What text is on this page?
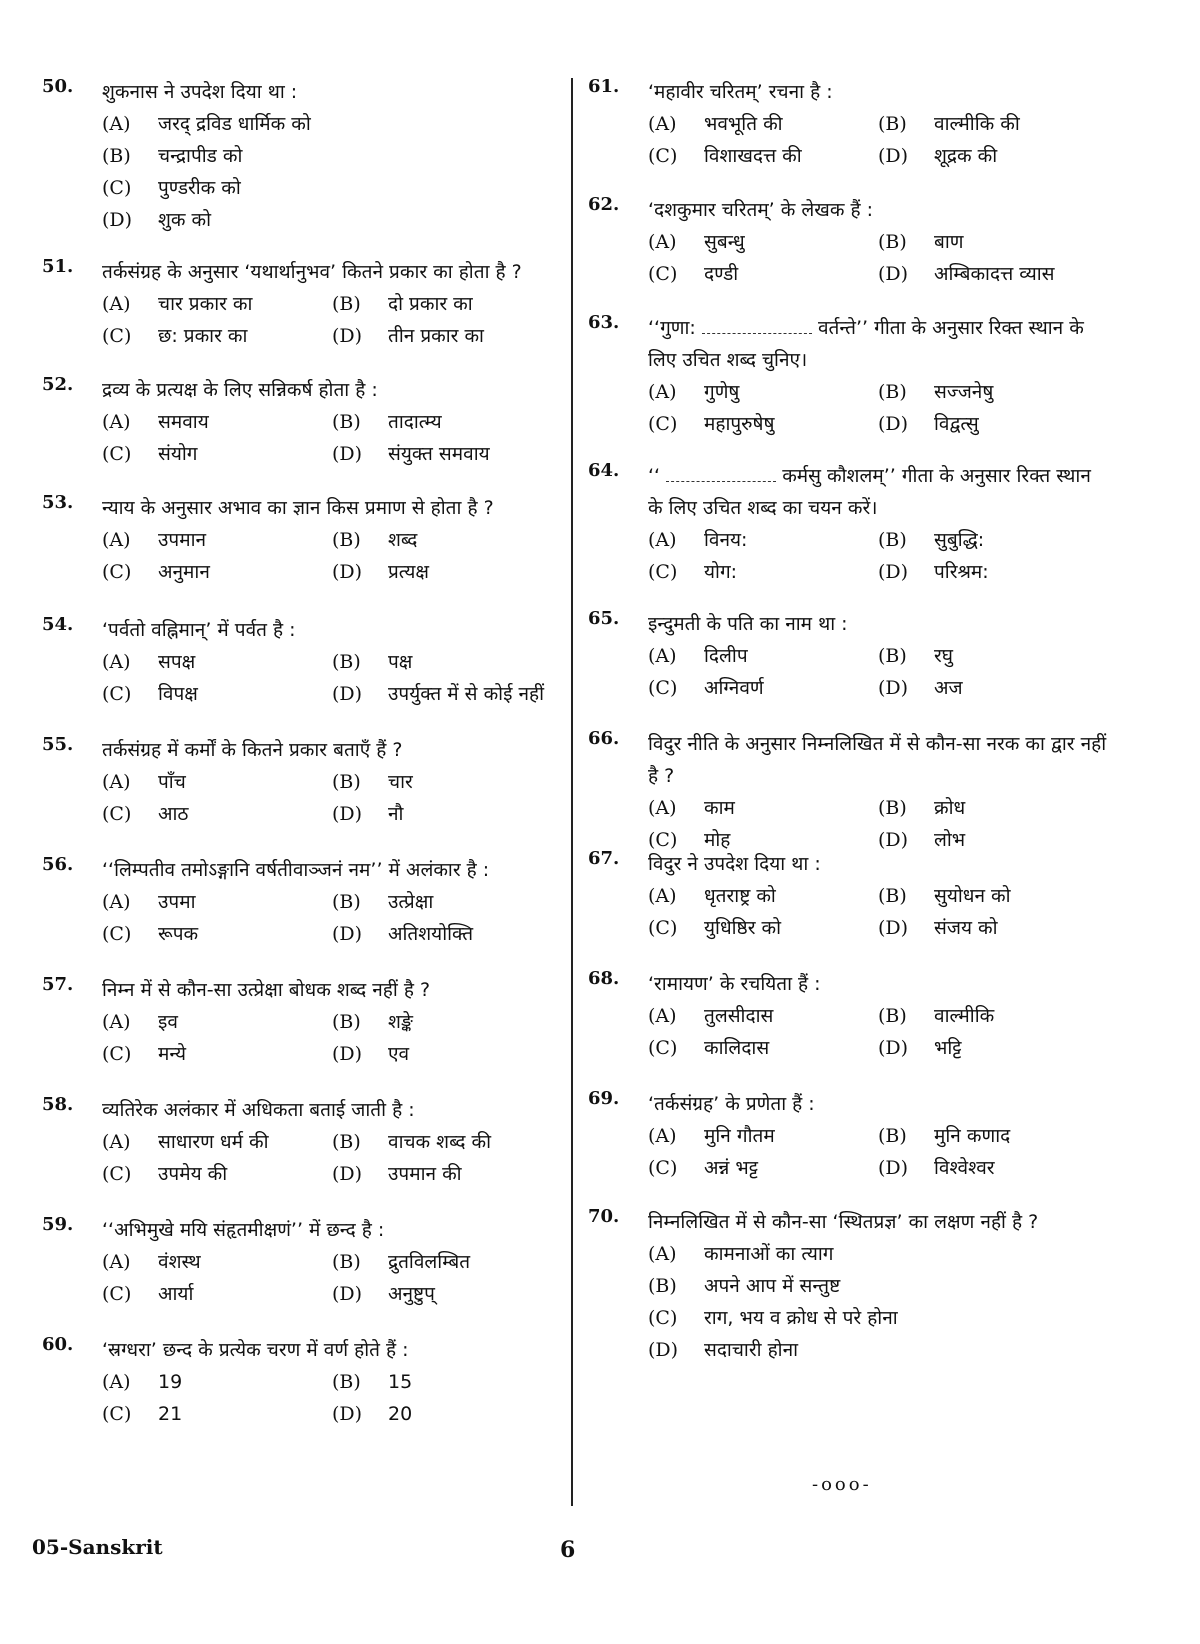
50. शुकनास ने उपदेश दिया था :
(A)	जरद् द्रविड धार्मिक को
(B)	चन्द्रापीड को
(C)	पुण्डरीक को
(D)	शुक को
51. तर्कसंग्रह के अनुसार ‘यथार्थानुभव’ कितने प्रकार का होता है ?
(A)	चार प्रकार का	(B)	दो प्रकार का
(C)	छ: प्रकार का	(D)	तीन प्रकार का
52. द्रव्य के प्रत्यक्ष के लिए सन्निकर्ष होता है :
(A)	समवाय	(B)	तादात्म्य
(C)	संयोग	(D)	संयुक्त समवाय
53. न्याय के अनुसार अभाव का ज्ञान किस प्रमाण से होता है ?
(A)	उपमान	(B)	शब्द
(C)	अनुमान	(D)	प्रत्यक्ष
54. ‘पर्वतो वह्निमान्’ में पर्वत है :
(A)	सपक्ष	(B)	पक्ष
(C)	विपक्ष	(D)	उपर्युक्त में से कोई नहीं
55. तर्कसंग्रह में कर्मों के कितने प्रकार बताएँ हैं ?
(A)	पाँच	(B)	चार
(C)	आठ	(D)	नौ
56. ‘‘लिम्पतीव तमोऽङ्गानि वर्षतीवाञ्जनं नम’’ में अलंकार है :
(A)	उपमा	(B)	उत्प्रेक्षा
(C)	रूपक	(D)	अतिशयोक्ति
57. निम्न में से कौन-सा उत्प्रेक्षा बोधक शब्द नहीं है ?
(A)	इव	(B)	शङ्के
(C)	मन्ये	(D)	एव
58. व्यतिरेक अलंकार में अधिकता बताई जाती है :
(A)	साधारण धर्म की	(B)	वाचक शब्द की
(C)	उपमेय की	(D)	उपमान की
59. ‘‘अभिमुखे मयि संहृतमीक्षणं’’ में छन्द है :
(A)	वंशस्थ	(B)	द्रुतविलम्बित
(C)	आर्या	(D)	अनुष्टुप्
60. ‘स्रग्धरा’ छन्द के प्रत्येक चरण में वर्ण होते हैं :
(A)	19	(B)	15
(C)	21	(D)	20
61. ‘महावीर चरितम्’ रचना है :
(A)	भवभूति की	(B)	वाल्मीकि की
(C)	विशाखदत्त की	(D)	शूद्रक की
62. ‘दशकुमार चरितम्’ के लेखक हैं :
(A)	सुबन्धु	(B)	बाण
(C)	दण्डी	(D)	अम्बिकादत्त व्यास
63. ‘‘गुणा:	वर्तन्ते’’ गीता के अनुसार रिक्त स्थान के लिए उचित शब्द चुनिए।
(A)	गुणेषु	(B)	सज्जनेषु
(C)	महापुरुषेषु	(D)	विद्वत्सु
64. ‘‘	कर्मसु कौशलम्’’ गीता के अनुसार रिक्त स्थान के लिए उचित शब्द का चयन करें।
(A)	विनय:	(B)	सुबुद्धि:
(C)	योग:	(D)	परिश्रम:
65. इन्दुमती के पति का नाम था :
(A)	दिलीप	(B)	रघु
(C)	अग्निवर्ण	(D)	अज
66. विदुर नीति के अनुसार निम्नलिखित में से कौन-सा नरक का द्वार नहीं है ?
(A)	काम	(B)	क्रोध
(C)	मोह	(D)	लोभ
67. विदुर ने उपदेश दिया था :
(A)	धृतराष्ट्र को	(B)	सुयोधन को
(C)	युधिष्ठिर को	(D)	संजय को
68. ‘रामायण’ के रचयिता हैं :
(A)	तुलसीदास	(B)	वाल्मीकि
(C)	कालिदास	(D)	भट्टि
69. ‘तर्कसंग्रह’ के प्रणेता हैं :
(A)	मुनि गौतम	(B)	मुनि कणाद
(C)	अन्नं भट्ट	(D)	विश्वेश्वर
70. निम्नलिखित में से कौन-सा ‘स्थितप्रज्ञ’ का लक्षण नहीं है ?
(A)	कामनाओं का त्याग
(B)	अपने आप में सन्तुष्ट
(C)	राग, भय व क्रोध से परे होना
(D)	सदाचारी होना
-ooo-
05-Sanskrit	6
